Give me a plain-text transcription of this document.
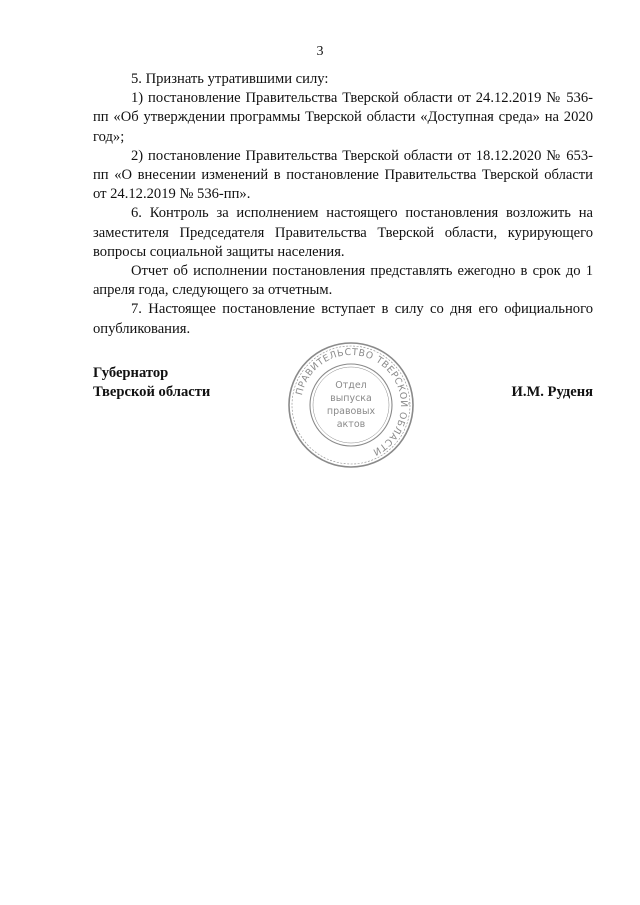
3

5. Признать утратившими силу:

1) постановление Правительства Тверской области от 24.12.2019 № 536-пп «Об утверждении программы Тверской области «Доступная среда» на 2020 год»;

2) постановление Правительства Тверской области от 18.12.2020 № 653-пп «О внесении изменений в постановление Правительства Тверской области от 24.12.2019 № 536-пп».

6. Контроль за исполнением настоящего постановления возложить на заместителя Председателя Правительства Тверской области, курирующего вопросы социальной защиты населения.

Отчет об исполнении постановления представлять ежегодно в срок до 1 апреля года, следующего за отчетным.

7. Настоящее постановление вступает в силу со дня его официального опубликования.

Губернатор
Тверской области	ПРАВИТЕЛЬСТВО ТВЕРСКОЙ ОБЛАСТИ
Отдел
выпуска
правовых
актов
И.М. Руденя
